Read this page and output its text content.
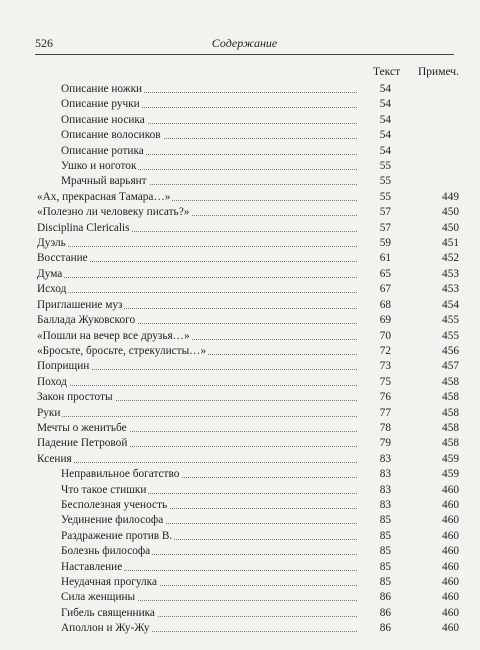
526	Содержание
Текст Примеч.
Описание ножки	54
Описание ручки	54
Описание носика	54
Описание волосиков	54
Описание ротика	54
Ушко и ноготок	55
Мрачный варьянт	55
«Ах, прекрасная Тамара…»	55	449
«Полезно ли человеку писать?»	57	450
Disciplina Clericalis	57	450
Дуэль	59	451
Восстание	61	452
Дума	65	453
Исход	67	453
Приглашение муз	68	454
Баллада Жуковского	69	455
«Пошли на вечер все друзья…»	70	455
«Бросьте, бросьте, стрекулисты…»	72	456
Поприщин	73	457
Поход	75	458
Закон простоты	76	458
Руки	77	458
Мечты о женитьбе	78	458
Падение Петровой	79	458
Ксения	83	459
Неправильное богатство	83	459
Что такое стишки	83	460
Бесполезная ученость	83	460
Уединение философа	85	460
Раздражение против В.	85	460
Болезнь философа	85	460
Наставление	85	460
Неудачная прогулка	85	460
Сила женщины	86	460
Гибель священника	86	460
Аполлон и Жу-Жу	86	460
